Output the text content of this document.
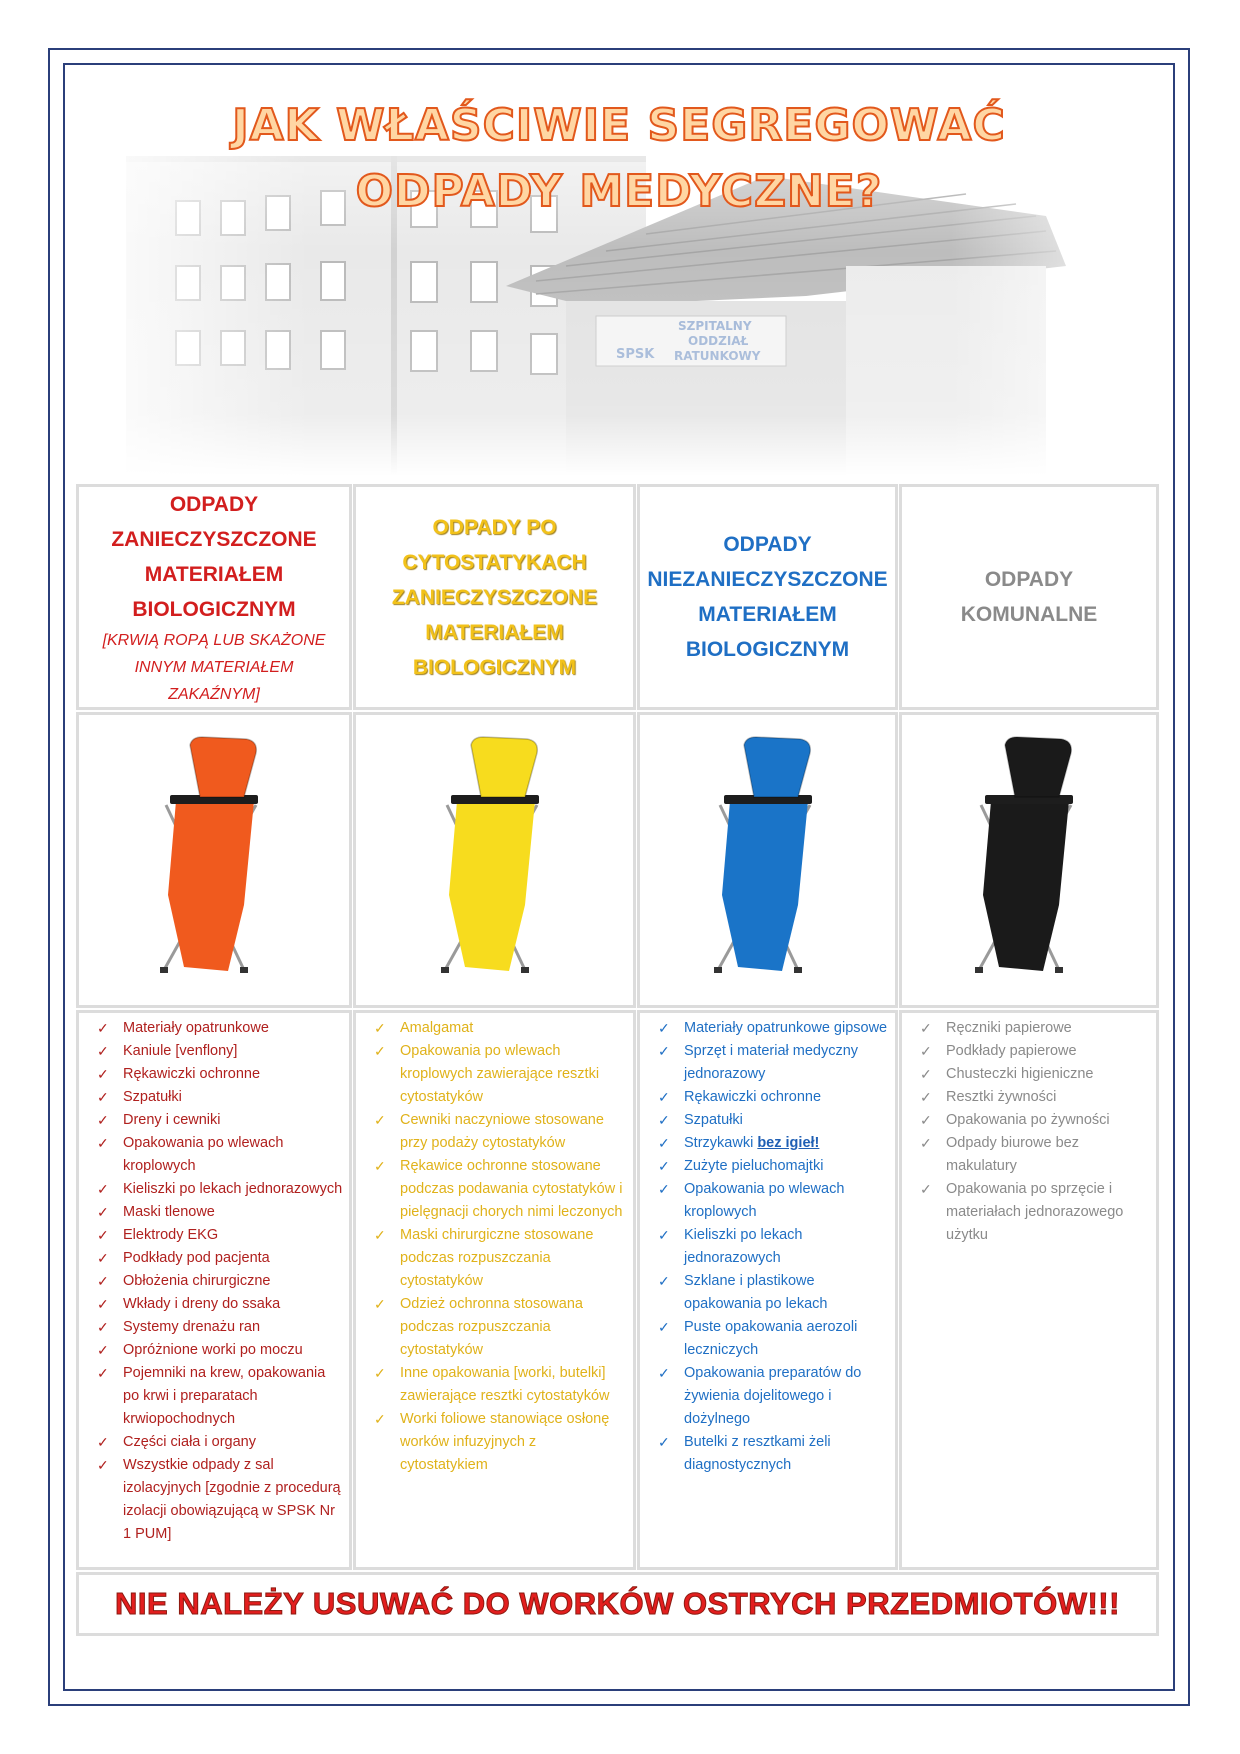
JAK WŁAŚCIWIE SEGREGOWAĆ
ODPADY MEDYCZNE?
ODPADY
ZANIECZYSZCZONE
MATERIAŁEM
BIOLOGICZNYM
[KRWIĄ ROPĄ LUB SKAŻONE
INNYM MATERIAŁEM
ZAKAŹNYM]
ODPADY PO
CYTOSTATYKACH
ZANIECZYSZCZONE
MATERIAŁEM
BIOLOGICZNYM
ODPADY
NIEZANIECZYSZCZONE
MATERIAŁEM
BIOLOGICZNYM
ODPADY
KOMUNALNE
✓ Materiały opatrunkowe
✓ Kaniule [venflony]
✓ Rękawiczki ochronne
✓ Szpatułki
✓ Dreny i cewniki
✓ Opakowania po wlewach kroplowych
✓ Kieliszki po lekach jednorazowych
✓ Maski tlenowe
✓ Elektrody EKG
✓ Podkłady pod pacjenta
✓ Obłożenia chirurgiczne
✓ Wkłady i dreny do ssaka
✓ Systemy drenażu ran
✓ Opróżnione worki po moczu
✓ Pojemniki na krew, opakowania po krwi i preparatach krwiopochodnych
✓ Części ciała i organy
✓ Wszystkie odpady z sal izolacyjnych [zgodnie z procedurą izolacji obowiązującą w SPSK Nr 1 PUM]
✓ Amalgamat
✓ Opakowania po wlewach kroplowych zawierające resztki cytostatyków
✓ Cewniki naczyniowe stosowane przy podaży cytostatyków
✓ Rękawice ochronne stosowane podczas podawania cytostatyków i pielęgnacji chorych nimi leczonych
✓ Maski chirurgiczne stosowane podczas rozpuszczania cytostatyków
✓ Odzież ochronna stosowana podczas rozpuszczania cytostatyków
✓ Inne opakowania [worki, butelki] zawierające resztki cytostatyków
✓ Worki foliowe stanowiące osłonę worków infuzyjnych z cytostatykiem
✓ Materiały opatrunkowe gipsowe
✓ Sprzęt i materiał medyczny jednorazowy
✓ Rękawiczki ochronne
✓ Szpatułki
✓ Strzykawki bez igieł!
✓ Zużyte pieluchomajtki
✓ Opakowania po wlewach kroplowych
✓ Kieliszki po lekach jednorazowych
✓ Szklane i plastikowe opakowania po lekach
✓ Puste opakowania aerozoli leczniczych
✓ Opakowania preparatów do żywienia dojelitowego i dożylnego
✓ Butelki z resztkami żeli diagnostycznych
✓ Ręczniki papierowe
✓ Podkłady papierowe
✓ Chusteczki higieniczne
✓ Resztki żywności
✓ Opakowania po żywności
✓ Odpady biurowe bez makulatury
✓ Opakowania po sprzęcie i materiałach jednorazowego użytku
NIE NALEŻY USUWAĆ DO WORKÓW OSTRYCH PRZEDMIOTÓW!!!
